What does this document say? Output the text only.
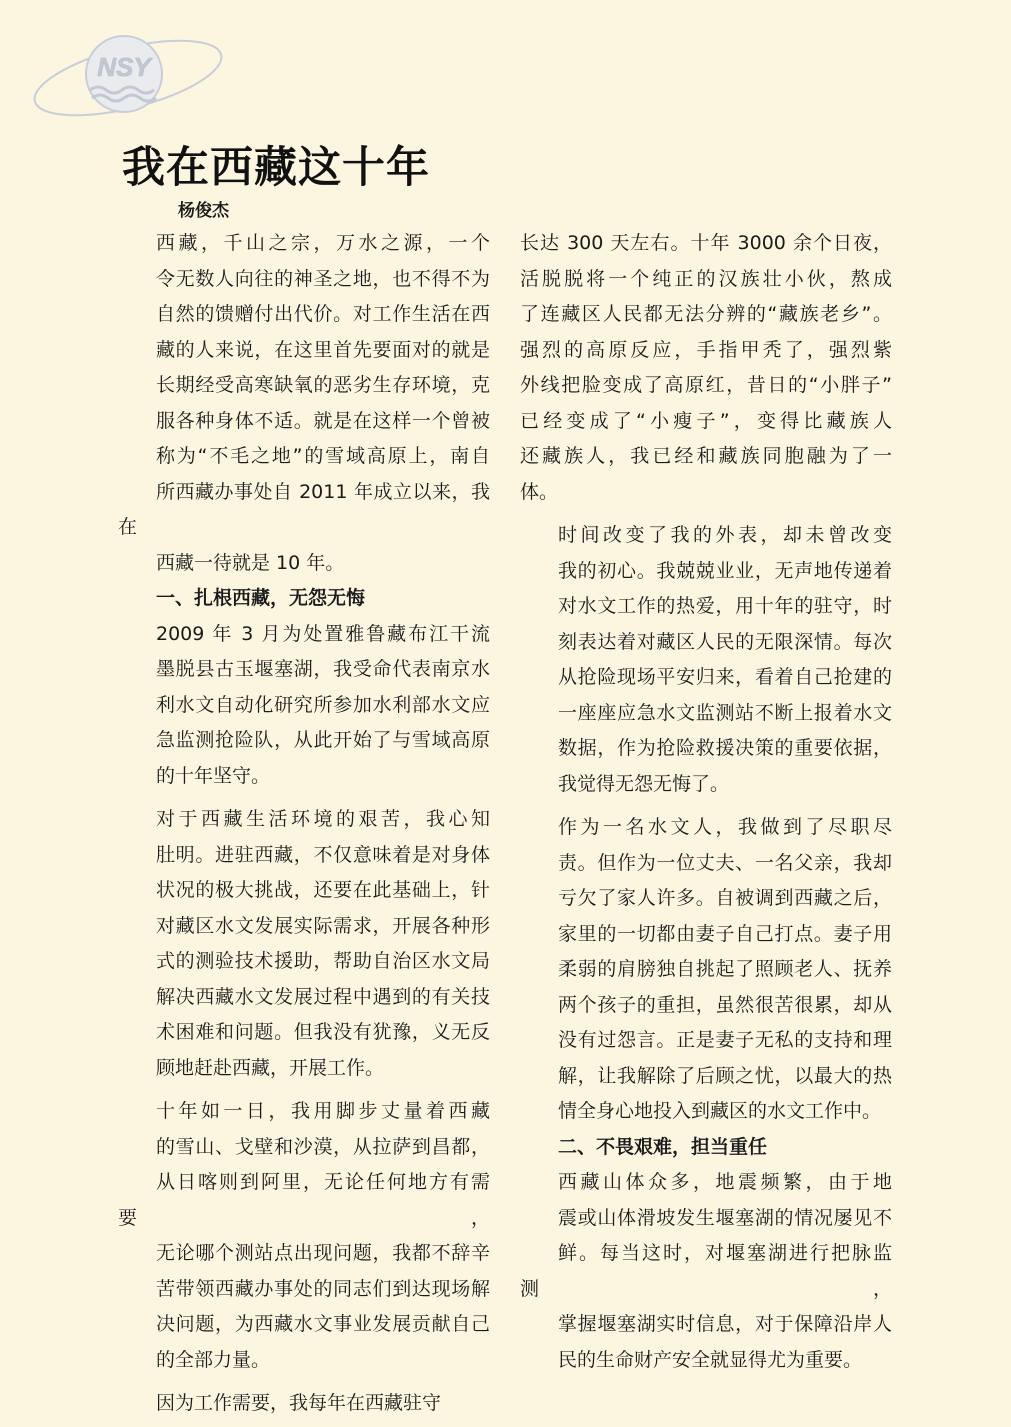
NSY
我在西藏这十年
杨俊杰
西藏，千山之宗，万水之源，一个
令无数人向往的神圣之地，也不得不为
自然的馈赠付出代价。对工作生活在西
藏的人来说，在这里首先要面对的就是
长期经受高寒缺氧的恶劣生存环境，克
服各种身体不适。就是在这样一个曾被
称为“不毛之地”的雪域高原上，南自
所西藏办事处自 2011 年成立以来，我在
西藏一待就是 10 年。
一、扎根西藏，无怨无悔
2009 年 3 月为处置雅鲁藏布江干流
墨脱县古玉堰塞湖，我受命代表南京水
利水文自动化研究所参加水利部水文应
急监测抢险队，从此开始了与雪域高原
的十年坚守。
对于西藏生活环境的艰苦，我心知
肚明。进驻西藏，不仅意味着是对身体
状况的极大挑战，还要在此基础上，针
对藏区水文发展实际需求，开展各种形
式的测验技术援助，帮助自治区水文局
解决西藏水文发展过程中遇到的有关技
术困难和问题。但我没有犹豫，义无反
顾地赶赴西藏，开展工作。
十年如一日，我用脚步丈量着西藏
的雪山、戈壁和沙漠，从拉萨到昌都，
从日喀则到阿里，无论任何地方有需要，
无论哪个测站点出现问题，我都不辞辛
苦带领西藏办事处的同志们到达现场解
决问题，为西藏水文事业发展贡献自己
的全部力量。
因为工作需要，我每年在西藏驻守
长达 300 天左右。十年 3000 余个日夜，
活脱脱将一个纯正的汉族壮小伙，熬成
了连藏区人民都无法分辨的“藏族老乡”。
强烈的高原反应，手指甲秃了，强烈紫
外线把脸变成了高原红，昔日的“小胖子”
已经变成了“小瘦子”，变得比藏族人
还藏族人，我已经和藏族同胞融为了一
体。
时间改变了我的外表，却未曾改变
我的初心。我兢兢业业，无声地传递着
对水文工作的热爱，用十年的驻守，时
刻表达着对藏区人民的无限深情。每次
从抢险现场平安归来，看着自己抢建的
一座座应急水文监测站不断上报着水文
数据，作为抢险救援决策的重要依据，
我觉得无怨无悔了。
作为一名水文人，我做到了尽职尽
责。但作为一位丈夫、一名父亲，我却
亏欠了家人许多。自被调到西藏之后，
家里的一切都由妻子自己打点。妻子用
柔弱的肩膀独自挑起了照顾老人、抚养
两个孩子的重担，虽然很苦很累，却从
没有过怨言。正是妻子无私的支持和理
解，让我解除了后顾之忧，以最大的热
情全身心地投入到藏区的水文工作中。
二、不畏艰难，担当重任
西藏山体众多，地震频繁，由于地
震或山体滑坡发生堰塞湖的情况屡见不
鲜。每当这时，对堰塞湖进行把脉监测，
掌握堰塞湖实时信息，对于保障沿岸人
民的生命财产安全就显得尤为重要。
